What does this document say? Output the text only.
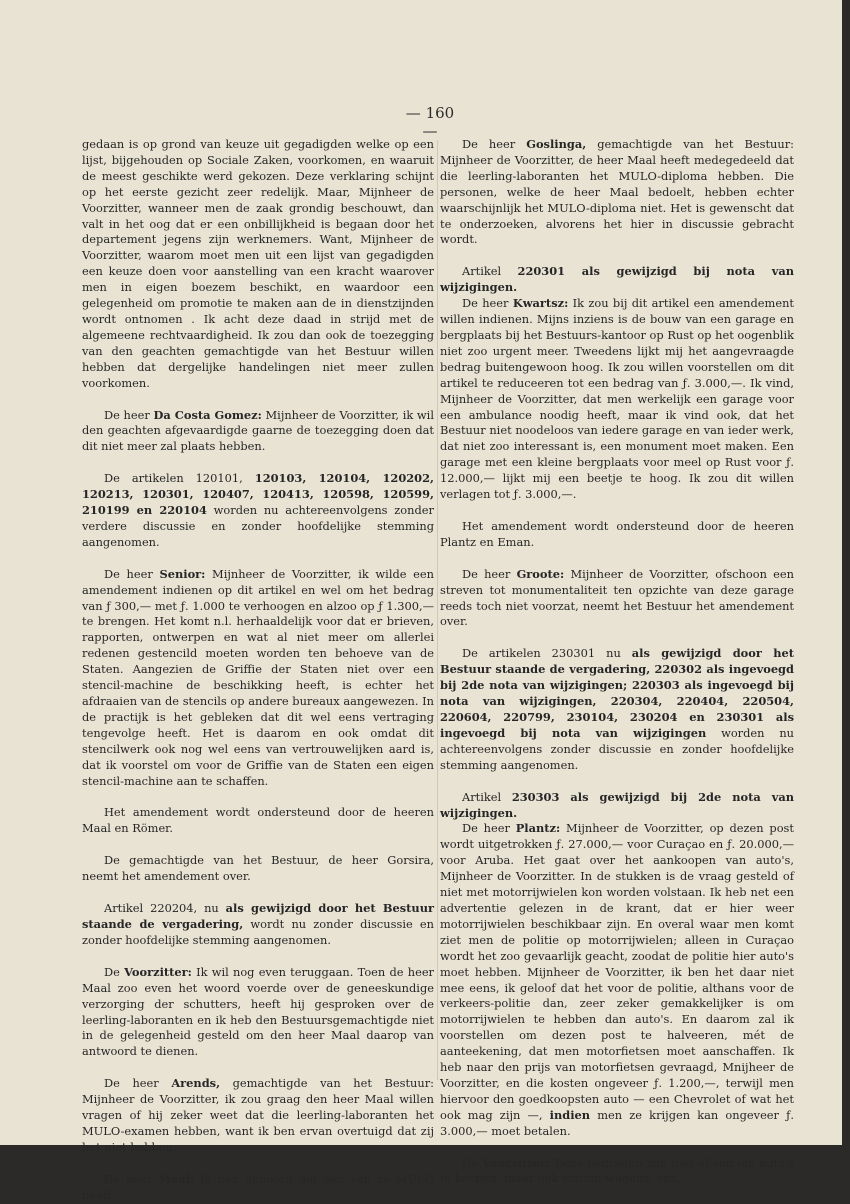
— 160 —

gedaan is op grond van keuze uit gegadigden welke op een lijst, bijgehouden op Sociale Zaken, voorkomen, en waaruit de meest geschikte werd gekozen. Deze verklaring schijnt op het eerste gezicht zeer redelijk. Maar, Mijnheer de Voorzitter, wanneer men de zaak grondig beschouwt, dan valt in het oog dat er een onbillijkheid is begaan door het departement jegens zijn werknemers. Want, Mijnheer de Voorzitter, waarom moet men uit een lijst van gegadigden een keuze doen voor aanstelling van een kracht waarover men in eigen boezem beschikt, en waardoor een gelegenheid om promotie te maken aan de in dienstzijnden wordt ontnomen . Ik acht deze daad in strijd met de algemeene rechtvaardigheid. Ik zou dan ook de toezegging van den geachten gemachtigde van het Bestuur willen hebben dat dergelijke handelingen niet meer zullen voorkomen.

De heer Da Costa Gomez: Mijnheer de Voorzitter, ik wil den geachten afgevaardigde gaarne de toezegging doen dat dit niet meer zal plaats hebben.

De artikelen 120101, 120103, 120104, 120202, 120213, 120301, 120407, 120413, 120598, 120599, 210199 en 220104 worden nu achtereenvolgens zonder verdere discussie en zonder hoofdelijke stemming aangenomen.

De heer Senior: Mijnheer de Voorzitter, ik wilde een amendement indienen op dit artikel en wel om het bedrag van ƒ 300,— met ƒ. 1.000 te verhoogen en alzoo op ƒ 1.300,— te brengen. Het komt n.l. herhaaldelijk voor dat er brieven, rapporten, ontwerpen en wat al niet meer om allerlei redenen gestencild moeten worden ten behoeve van de Staten. Aangezien de Griffie der Staten niet over een stencil-machine de beschikking heeft, is echter het afdraaien van de stencils op andere bureaux aangewezen. In de practijk is het gebleken dat dit wel eens vertraging tengevolge heeft. Het is daarom en ook omdat dit stencilwerk ook nog wel eens van vertrouwelijken aard is, dat ik voorstel om voor de Griffie van de Staten een eigen stencil-machine aan te schaffen.

Het amendement wordt ondersteund door de heeren Maal en Römer.

De gemachtigde van het Bestuur, de heer Gorsira, neemt het amendement over.

Artikel 220204, nu als gewijzigd door het Bestuur staande de vergadering, wordt nu zonder discussie en zonder hoofdelijke stemming aangenomen.

De Voorzitter: Ik wil nog even teruggaan. Toen de heer Maal zoo even het woord voerde over de geneeskundige verzorging der schutters, heeft hij gesproken over de leerling-laboranten en ik heb den Bestuursgemachtigde niet in de gelegenheid gesteld om den heer Maal daarop van antwoord te dienen.

De heer Arends, gemachtigde van het Bestuur: Mijnheer de Voorzitter, ik zou graag den heer Maal willen vragen of hij zeker weet dat die leerling-laboranten het MULO-examen hebben, want ik ben ervan overtuigd dat zij het niet hebben.

De heer Maal: Ik heb gehoord dat een van ze MULO heeft.

De heer Goslinga, gemachtigde van het Bestuur: Mijnheer de Voorzitter, de heer Maal heeft medegedeeld dat die leerling-laboranten het MULO-diploma hebben. Die personen, welke de heer Maal bedoelt, hebben echter waarschijnlijk het MULO-diploma niet. Het is gewenscht dat te onderzoeken, alvorens het hier in discussie gebracht wordt.

Artikel 220301 als gewijzigd bij nota van wijzigingen.

De heer Kwartsz: Ik zou bij dit artikel een amendement willen indienen. Mijns inziens is de bouw van een garage en bergplaats bij het Bestuurs-kantoor op Rust op het oogenblik niet zoo urgent meer. Tweedens lijkt mij het aangevraagde bedrag buitengewoon hoog. Ik zou willen voorstellen om dit artikel te reduceeren tot een bedrag van ƒ. 3.000,—. Ik vind, Mijnheer de Voorzitter, dat men werkelijk een garage voor een ambulance noodig heeft, maar ik vind ook, dat het Bestuur niet noodeloos van iedere garage en van ieder werk, dat niet zoo interessant is, een monument moet maken. Een garage met een kleine bergplaats voor meel op Rust voor ƒ. 12.000,— lijkt mij een beetje te hoog. Ik zou dit willen verlagen tot ƒ. 3.000,—.

Het amendement wordt ondersteund door de heeren Plantz en Eman.

De heer Groote: Mijnheer de Voorzitter, ofschoon een streven tot monumentaliteit ten opzichte van deze garage reeds toch niet voorzat, neemt het Bestuur het amendement over.

De artikelen 230301 nu als gewijzigd door het Bestuur staande de vergadering, 220302 als ingevoegd bij 2de nota van wijzigingen; 220303 als ingevoegd bij nota van wijzigingen, 220304, 220404, 220504, 220604, 220799, 230104, 230204 en 230301 als ingevoegd bij nota van wijzigingen worden nu achtereenvolgens zonder discussie en zonder hoofdelijke stemming aangenomen.

Artikel 230303 als gewijzigd bij 2de nota van wijzigingen.

De heer Plantz: Mijnheer de Voorzitter, op dezen post wordt uitgetrokken ƒ. 27.000,— voor Curaçao en ƒ. 20.000,— voor Aruba. Het gaat over het aankoopen van auto's, Mijnheer de Voorzitter. In de stukken is de vraag gesteld of niet met motorrijwielen kon worden volstaan. Ik heb net een advertentie gelezen in de krant, dat er hier weer motorrijwielen beschikbaar zijn. En overal waar men komt ziet men de politie op motorrijwielen; alleen in Curaçao wordt het zoo gevaarlijk geacht, zoodat de politie hier auto's moet hebben. Mijnheer de Voorzitter, ik ben het daar niet mee eens, ik geloof dat het voor de politie, althans voor de verkeers-politie dan, zeer zeker gemakkelijker is om motorrijwielen te hebben dan auto's. En daarom zal ik voorstellen om dezen post te halveeren, mét de aanteekening, dat men motorfietsen moet aanschaffen. Ik heb naar den prijs van motorfietsen gevraagd, Mnijheer de Voorzitter, en die kosten ongeveer ƒ. 1.200,—, terwijl men hiervoor den goedkoopsten auto — een Chevrolet of wat het ook mag zijn —, indien men ze krijgen kan ongeveer ƒ. 3.000,— moet betalen.

De Voorzitter: Deze bedragen zijn niet alleen om auto's te koopen, maar ook station-wagens, enz.
